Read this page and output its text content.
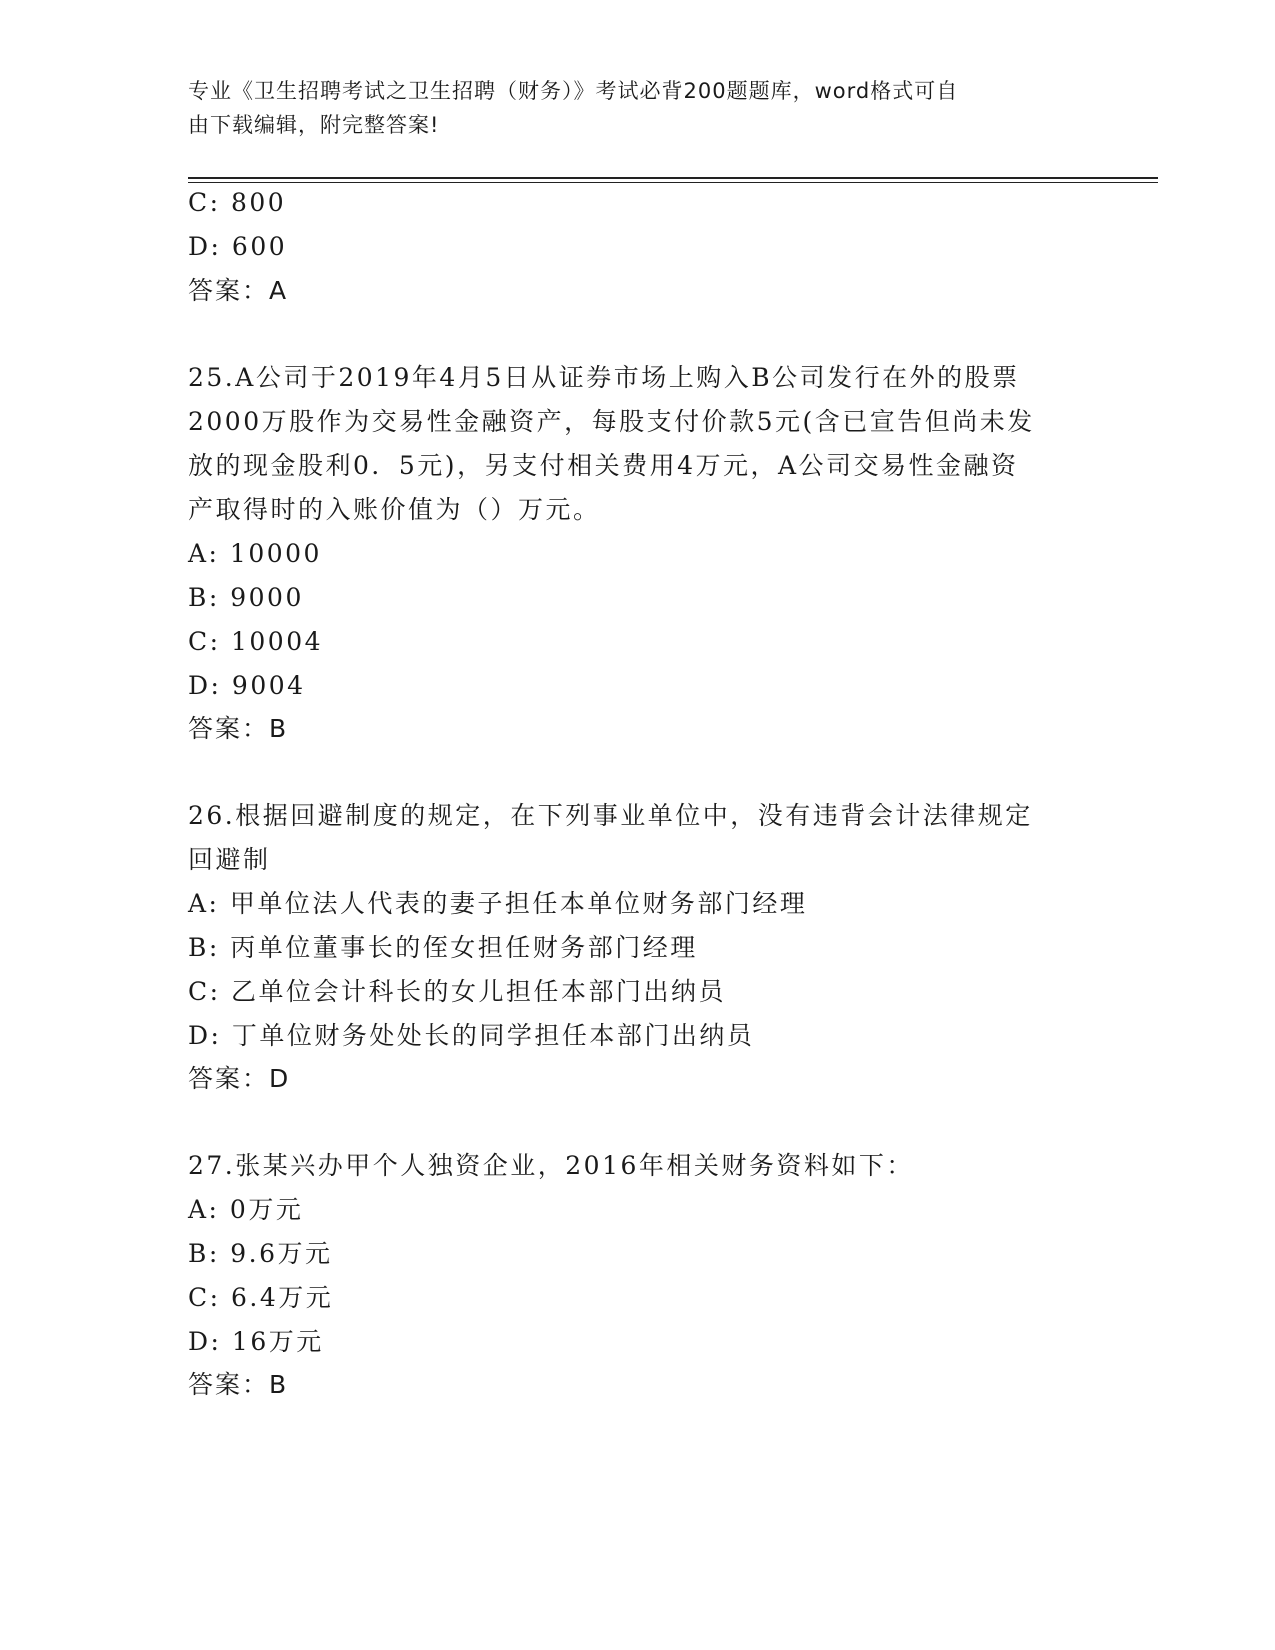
专业《卫生招聘考试之卫生招聘（财务）》考试必背200题题库，word格式可自
由下载编辑，附完整答案!
C: 800
D: 600
答案：A
25.A公司于2019年4月5日从证券市场上购入B公司发行在外的股票
2000万股作为交易性金融资产，每股支付价款5元(含已宣告但尚未发
放的现金股利0．5元)，另支付相关费用4万元，A公司交易性金融资
产取得时的入账价值为（）万元。
A: 10000
B: 9000
C: 10004
D: 9004
答案：B
26.根据回避制度的规定，在下列事业单位中，没有违背会计法律规定
回避制
A: 甲单位法人代表的妻子担任本单位财务部门经理
B: 丙单位董事长的侄女担任财务部门经理
C: 乙单位会计科长的女儿担任本部门出纳员
D: 丁单位财务处处长的同学担任本部门出纳员
答案：D
27.张某兴办甲个人独资企业，2016年相关财务资料如下：
A: 0万元
B: 9.6万元
C: 6.4万元
D: 16万元
答案：B
